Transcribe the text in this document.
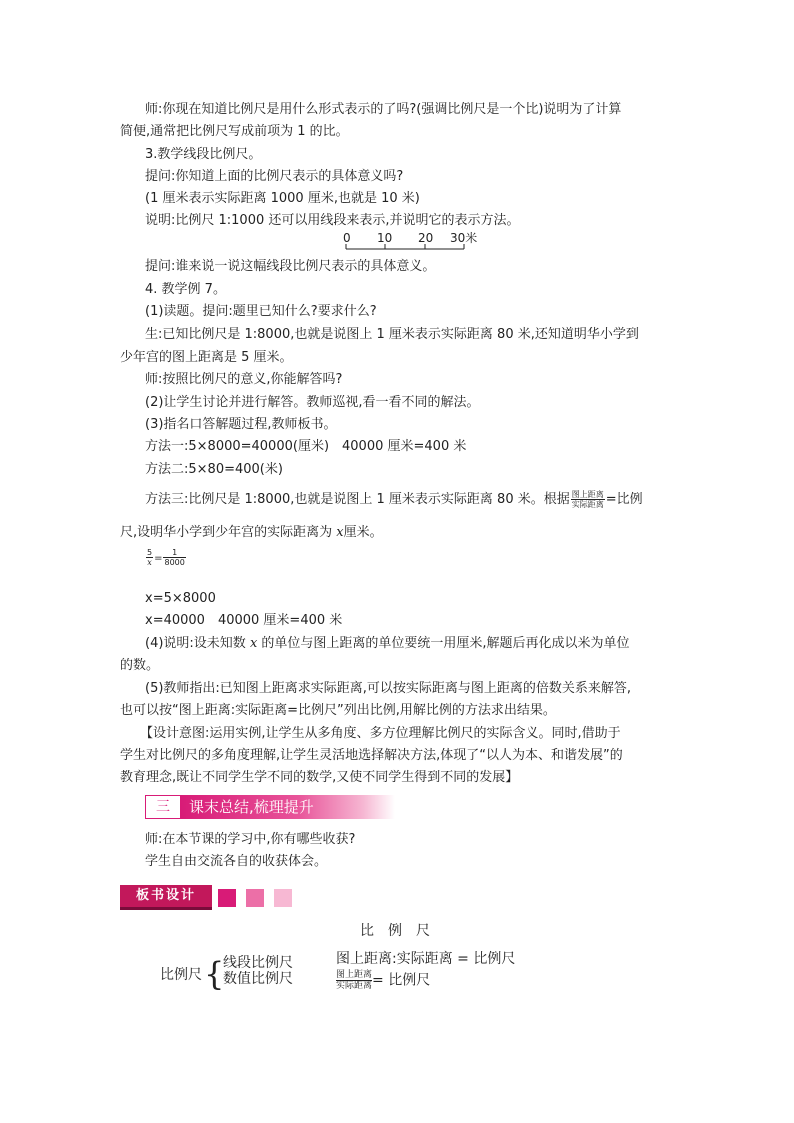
师:你现在知道比例尺是用什么形式表示的了吗?(强调比例尺是一个比)说明为了计算
简便,通常把比例尺写成前项为 1 的比。
3.教学线段比例尺。
提问:你知道上面的比例尺表示的具体意义吗?
(1 厘米表示实际距离 1000 厘米,也就是 10 米)
说明:比例尺 1:1000 还可以用线段来表示,并说明它的表示方法。
0 10 20 30米
提问:谁来说一说这幅线段比例尺表示的具体意义。
4. 教学例 7。
(1)读题。提问:题里已知什么?要求什么?
生:已知比例尺是 1:8000,也就是说图上 1 厘米表示实际距离 80 米,还知道明华小学到
少年宫的图上距离是 5 厘米。
师:按照比例尺的意义,你能解答吗?
(2)让学生讨论并进行解答。教师巡视,看一看不同的解法。
(3)指名口答解题过程,教师板书。
方法一:5×8000=40000(厘米)　40000 厘米=400 米
方法二:5×80=400(米)
方法三:比例尺是 1:8000,也就是说图上 1 厘米表示实际距离 80 米。根据 $\frac{\text{图上距离}}{\text{实际距离}}$ =比例
尺,设明华小学到少年宫的实际距离为 x厘米。
$\frac{5}{x} = \frac{1}{8000}$
x=5×8000
x=40000　40000 厘米=400 米
(4)说明:设未知数 x 的单位与图上距离的单位要统一用厘米,解题后再化成以米为单位
的数。
(5)教师指出:已知图上距离求实际距离,可以按实际距离与图上距离的倍数关系来解答,
也可以按“图上距离:实际距离=比例尺”列出比例,用解比例的方法求出结果。
【设计意图:运用实例,让学生从多角度、多方位理解比例尺的实际含义。同时,借助于
学生对比例尺的多角度理解,让学生灵活地选择解决方法,体现了“以人为本、和谐发展”的
三	课末总结,梳理提升
师:在本节课的学习中,你有哪些收获?
学生自由交流各自的收获体会。
板书设计
比　例　尺
比例尺 {
线段比例尺
数值比例尺
图上距离:实际距离 = 比例尺
$\frac{\text{图上距离}}{\text{实际距离}}=$ 比例尺
教育理念,既让不同学生学不同的数学,又使不同学生得到不同的发展】
